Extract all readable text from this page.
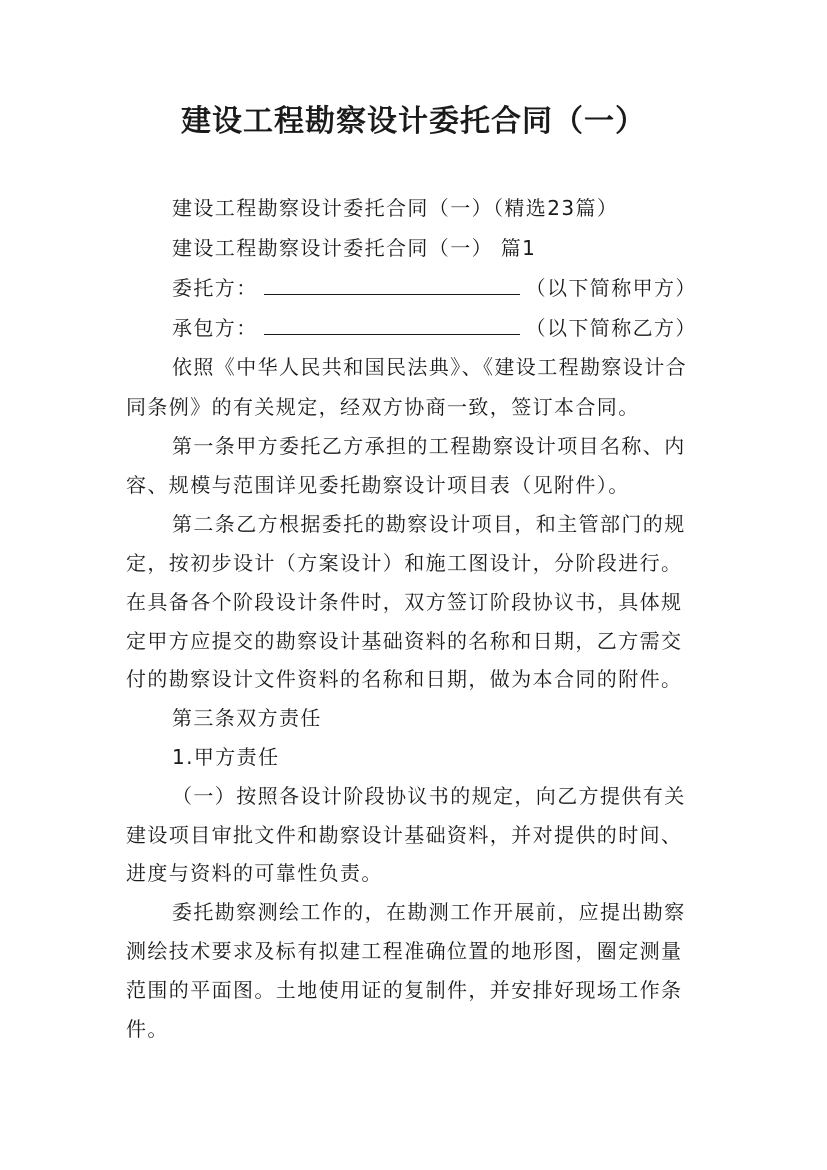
建设工程勘察设计委托合同（一）
建设工程勘察设计委托合同（一）（精选23篇）
建设工程勘察设计委托合同（一） 篇1
委托方：	（以下简称甲方）
承包方：	（以下简称乙方）
依照《中华人民共和国民法典》、《建设工程勘察设计合
同条例》的有关规定，经双方协商一致，签订本合同。
第一条甲方委托乙方承担的工程勘察设计项目名称、内
容、规模与范围详见委托勘察设计项目表（见附件）。
第二条乙方根据委托的勘察设计项目，和主管部门的规
定，按初步设计（方案设计）和施工图设计，分阶段进行。
在具备各个阶段设计条件时，双方签订阶段协议书，具体规
定甲方应提交的勘察设计基础资料的名称和日期，乙方需交
付的勘察设计文件资料的名称和日期，做为本合同的附件。
第三条双方责任
1.甲方责任
（一）按照各设计阶段协议书的规定，向乙方提供有关
建设项目审批文件和勘察设计基础资料，并对提供的时间、
进度与资料的可靠性负责。
委托勘察测绘工作的，在勘测工作开展前，应提出勘察
测绘技术要求及标有拟建工程准确位置的地形图，圈定测量
范围的平面图。土地使用证的复制件，并安排好现场工作条
件。
